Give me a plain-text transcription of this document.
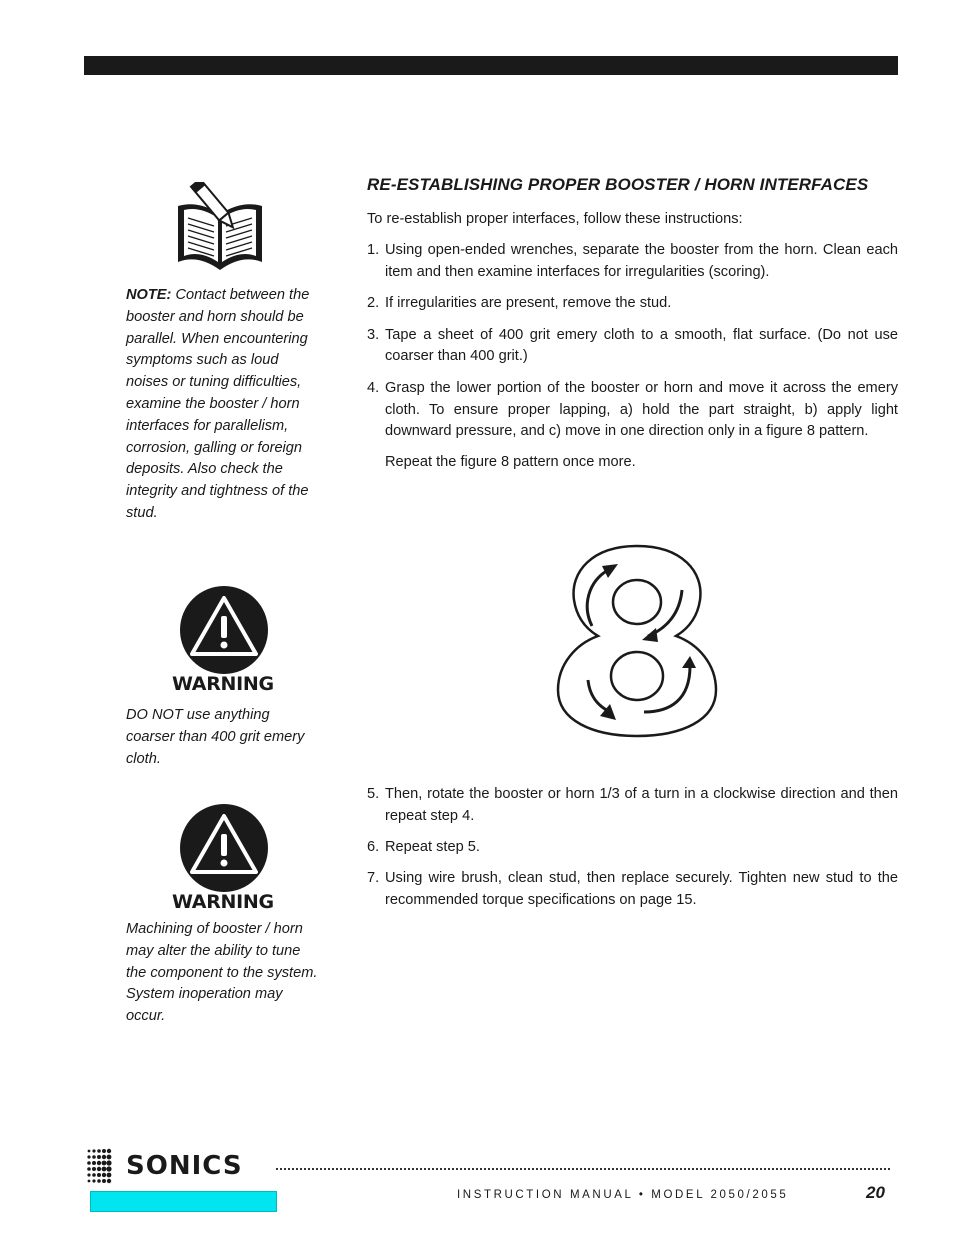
NOTE: Contact between the booster and horn should be parallel. When encountering symptoms such as loud noises or tuning difficulties, examine the booster / horn interfaces for parallelism, corrosion, galling or foreign deposits. Also check the integrity and tightness of the stud.
WARNING
DO NOT use anything coarser than 400 grit emery cloth.
WARNING
Machining of booster / horn may alter the ability to tune the component to the system. System inoperation may occur.
RE-ESTABLISHING PROPER BOOSTER / HORN INTERFACES

To re-establish proper interfaces, follow these instructions:

1. Using open-ended wrenches, separate the booster from the horn. Clean each item and then examine interfaces for irregularities (scoring).
2. If irregularities are present, remove the stud.
3. Tape a sheet of 400 grit emery cloth to a smooth, flat surface. (Do not use coarser than 400 grit.)
4. Grasp the lower portion of the booster or horn and move it across the emery cloth. To ensure proper lapping, a) hold the part straight, b) apply light downward pressure, and c) move in one direction only in a figure 8 pattern.

Repeat the figure 8 pattern once more.

5. Then, rotate the booster or horn 1/3 of a turn in a clockwise direction and then repeat step 4.
6. Repeat step 5.
7. Using wire brush, clean stud, then replace securely. Tighten new stud to the recommended torque specifications on page 15.
SONICS
INSTRUCTION MANUAL • MODEL 2050/2055	20
